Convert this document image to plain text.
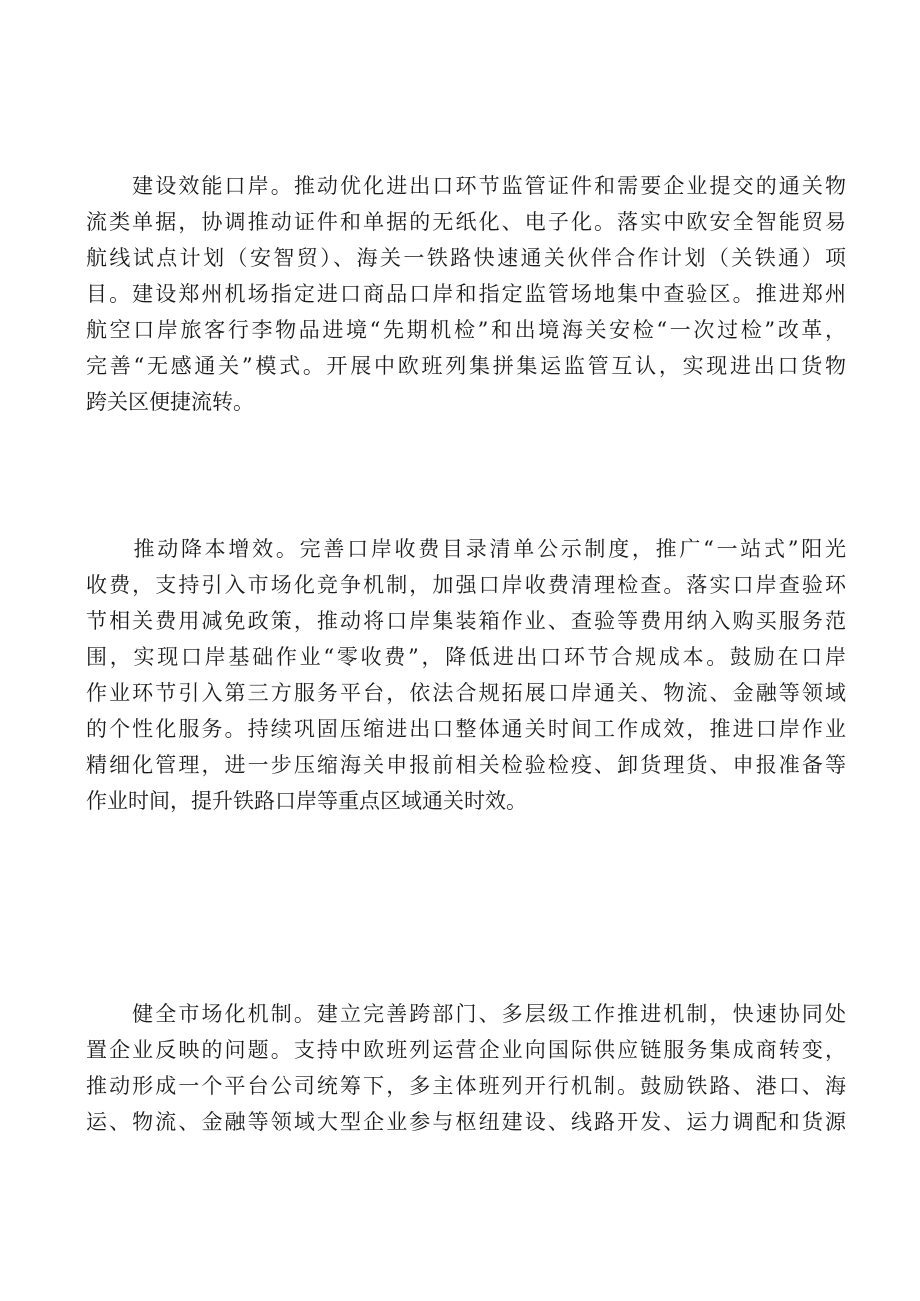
　　建设效能口岸。推动优化进出口环节监管证件和需要企业提交的通关物
流类单据，协调推动证件和单据的无纸化、电子化。落实中欧安全智能贸易
航线试点计划（安智贸）、海关一铁路快速通关伙伴合作计划（关铁通）项
目。建设郑州机场指定进口商品口岸和指定监管场地集中查验区。推进郑州
航空口岸旅客行李物品进境“先期机检”和出境海关安检“一次过检”改革，
完善“无感通关”模式。开展中欧班列集拼集运监管互认，实现进出口货物
跨关区便捷流转。
　　推动降本增效。完善口岸收费目录清单公示制度，推广“一站式”阳光
收费，支持引入市场化竞争机制，加强口岸收费清理检查。落实口岸查验环
节相关费用减免政策，推动将口岸集装箱作业、查验等费用纳入购买服务范
围，实现口岸基础作业“零收费”，降低进出口环节合规成本。鼓励在口岸
作业环节引入第三方服务平台，依法合规拓展口岸通关、物流、金融等领域
的个性化服务。持续巩固压缩进出口整体通关时间工作成效，推进口岸作业
精细化管理，进一步压缩海关申报前相关检验检疫、卸货理货、申报准备等
作业时间，提升铁路口岸等重点区域通关时效。
　　健全市场化机制。建立完善跨部门、多层级工作推进机制，快速协同处
置企业反映的问题。支持中欧班列运营企业向国际供应链服务集成商转变，
推动形成一个平台公司统筹下，多主体班列开行机制。鼓励铁路、港口、海
运、物流、金融等领域大型企业参与枢纽建设、线路开发、运力调配和货源
